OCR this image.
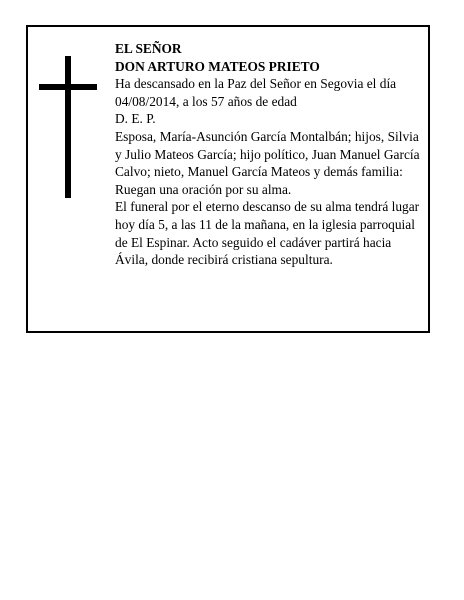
EL SEÑOR

DON ARTURO MATEOS PRIETO

Ha descansado en la Paz del Señor en Segovia el día 04/08/2014, a los 57 años de edad

D. E. P.

Esposa, María-Asunción García Montalbán; hijos, Silvia y Julio Mateos García; hijo político, Juan Manuel García Calvo; nieto, Manuel García Mateos y demás familia:

Ruegan una oración por su alma.

El funeral por el eterno descanso de su alma tendrá lugar hoy día 5, a las 11 de la mañana, en la iglesia parroquial de El Espinar. Acto seguido el cadáver partirá hacia Ávila, donde recibirá cristiana sepultura.
